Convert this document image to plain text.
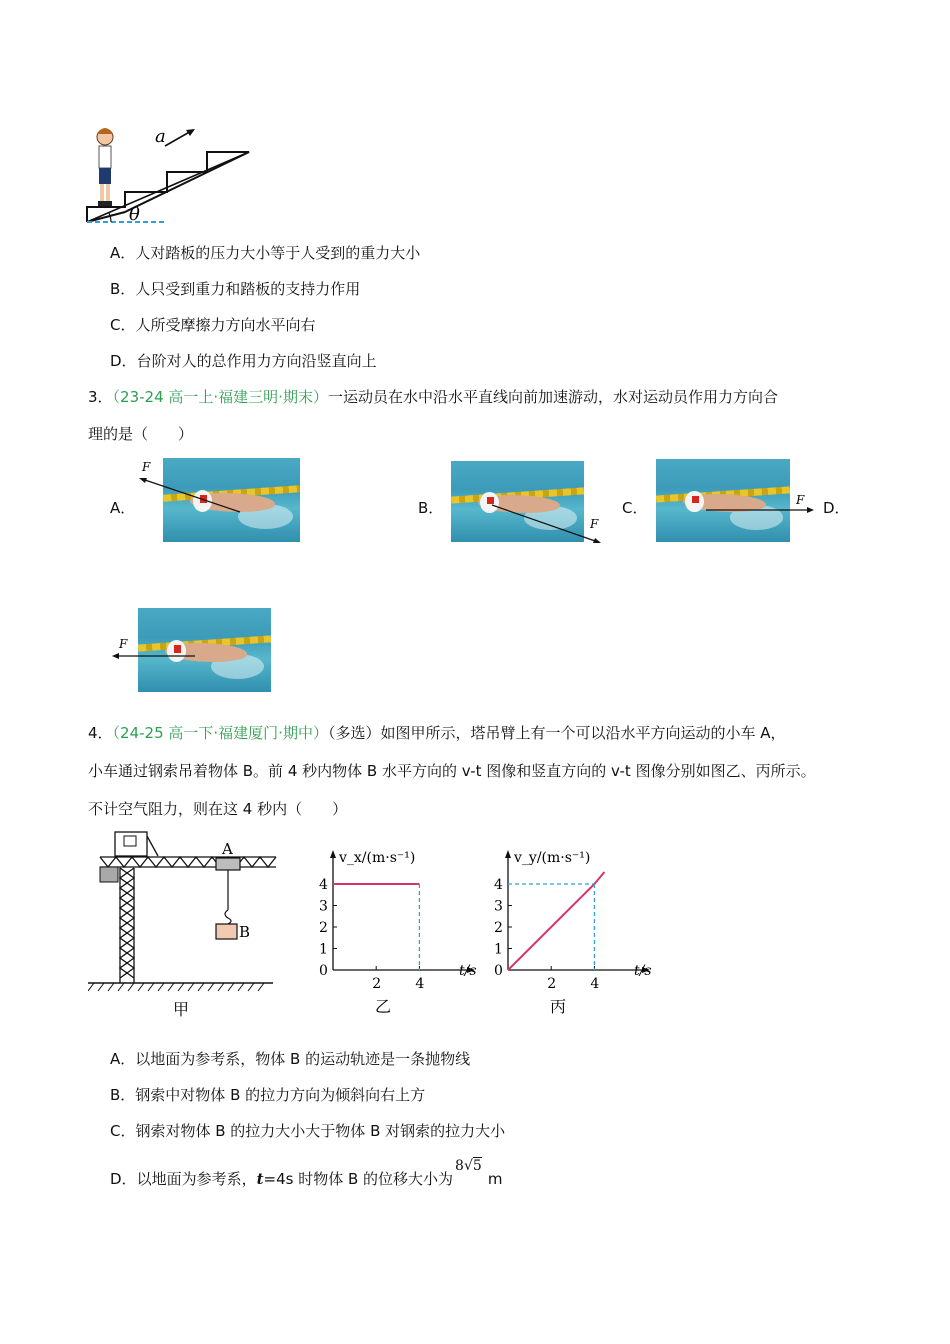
a
θ
A．人对踏板的压力大小等于人受到的重力大小
B．人只受到重力和踏板的支持力作用
C．人所受摩擦力方向水平向右
D．台阶对人的总作用力方向沿竖直向上
3．（23-24 高一上·福建三明·期末）一运动员在水中沿水平直线向前加速游动，水对运动员作用力方向合
理的是（　　）
A．
F
B．
F
C．	F D．
F
4．（24-25 高一下·福建厦门·期中）（多选）如图甲所示，塔吊臂上有一个可以沿水平方向运动的小车 A，
小车通过钢索吊着物体 B。前 4 秒内物体 B 水平方向的 v-t 图像和竖直方向的 v-t 图像分别如图乙、丙所示。
不计空气阻力，则在这 4 秒内（　　）
A
B
甲
0
1
2
3
4
2 4
v_x/(m·s⁻¹)
t/s
乙
0
1
2
3
4
2 4
v_y/(m·s⁻¹)
t/s
丙
A．以地面为参考系，物体 B 的运动轨迹是一条抛物线
B．钢索中对物体 B 的拉力方向为倾斜向右上方
C．钢索对物体 B 的拉力大小大于物体 B 对钢索的拉力大小
D．以地面为参考系，t=4s 时物体 B 的位移大小为8√5m
